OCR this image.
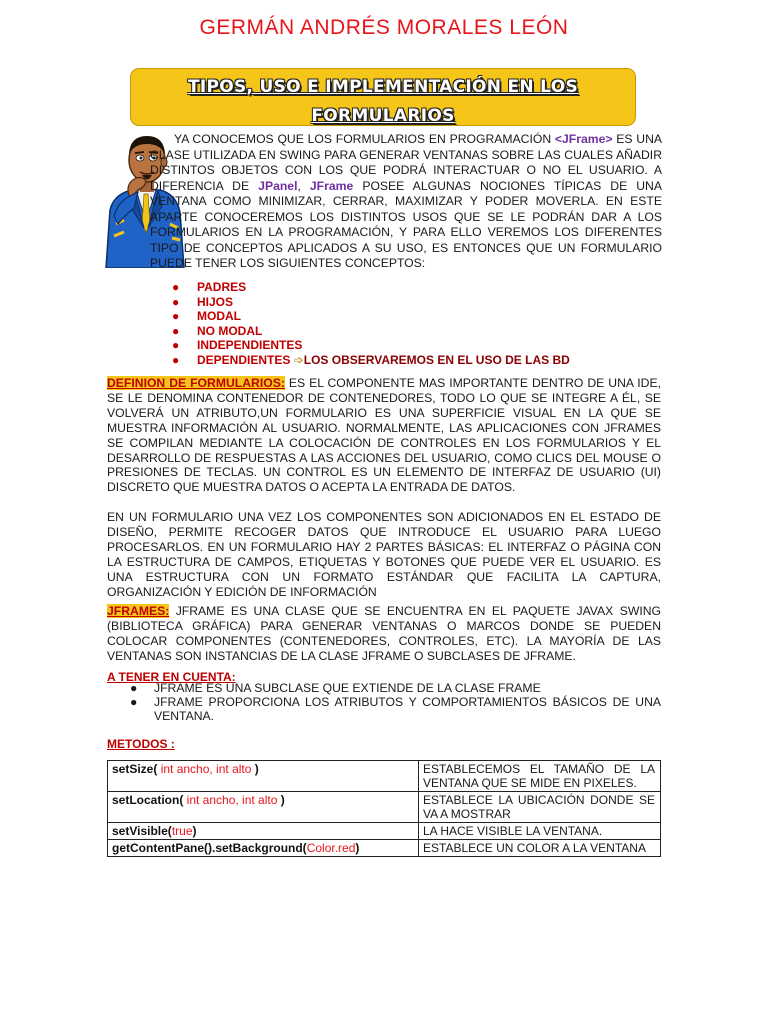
GERMÁN ANDRÉS MORALES LEÓN
TIPOS, USO E IMPLEMENTACIÓN EN LOS
FORMULARIOS

YA CONOCEMOS QUE LOS FORMULARIOS EN PROGRAMACIÓN <JFrame> ES UNA CLASE UTILIZADA EN SWING PARA GENERAR VENTANAS SOBRE LAS CUALES AÑADIR DISTINTOS OBJETOS CON LOS QUE PODRÁ INTERACTUAR O NO EL USUARIO. A DIFERENCIA DE JPanel, JFrame POSEE ALGUNAS NOCIONES TÍPICAS DE UNA VENTANA COMO MINIMIZAR, CERRAR, MAXIMIZAR Y PODER MOVERLA. EN ESTE APARTE CONOCEREMOS LOS DISTINTOS USOS QUE SE LE PODRÁN DAR A LOS FORMULARIOS EN LA PROGRAMACIÓN, Y PARA ELLO VEREMOS LOS DIFERENTES TIPO DE CONCEPTOS APLICADOS A SU USO, ES ENTONCES QUE UN FORMULARIO PUEDE TENER LOS SIGUIENTES CONCEPTOS:

● PADRES
● HIJOS
● MODAL
● NO MODAL
● INDEPENDIENTES
● DEPENDIENTES ➩LOS OBSERVAREMOS EN EL USO DE LAS BD

DEFINION DE FORMULARIOS: ES EL COMPONENTE MAS IMPORTANTE DENTRO DE UNA IDE, SE LE DENOMINA CONTENEDOR DE CONTENEDORES, TODO LO QUE SE INTEGRE A ÉL, SE VOLVERÁ UN ATRIBUTO,UN FORMULARIO ES UNA SUPERFICIE VISUAL EN LA QUE SE MUESTRA INFORMACIÓN AL USUARIO. NORMALMENTE, LAS APLICACIONES CON JFRAMES SE COMPILAN MEDIANTE LA COLOCACIÓN DE CONTROLES EN LOS FORMULARIOS Y EL DESARROLLO DE RESPUESTAS A LAS ACCIONES DEL USUARIO, COMO CLICS DEL MOUSE O PRESIONES DE TECLAS. UN CONTROL ES UN ELEMENTO DE INTERFAZ DE USUARIO (UI) DISCRETO QUE MUESTRA DATOS O ACEPTA LA ENTRADA DE DATOS.

EN UN FORMULARIO UNA VEZ LOS COMPONENTES SON ADICIONADOS EN EL ESTADO DE DISEÑO, PERMITE RECOGER DATOS QUE INTRODUCE EL USUARIO PARA LUEGO PROCESARLOS. EN UN FORMULARIO HAY 2 PARTES BÁSICAS: EL INTERFAZ O PÁGINA CON LA ESTRUCTURA DE CAMPOS, ETIQUETAS Y BOTONES QUE PUEDE VER EL USUARIO. ES UNA ESTRUCTURA CON UN FORMATO ESTÁNDAR QUE FACILITA LA CAPTURA, ORGANIZACIÓN Y EDICIÓN DE INFORMACIÓN

JFRAMES: JFRAME ES UNA CLASE QUE SE ENCUENTRA EN EL PAQUETE JAVAX SWING (BIBLIOTECA GRÁFICA) PARA GENERAR VENTANAS O MARCOS DONDE SE PUEDEN COLOCAR COMPONENTES (CONTENEDORES, CONTROLES, ETC). LA MAYORÍA DE LAS VENTANAS SON INSTANCIAS DE LA CLASE JFRAME O SUBCLASES DE JFRAME.

A TENER EN CUENTA:
● JFRAME ES UNA SUBCLASE QUE EXTIENDE DE LA CLASE FRAME
● JFRAME PROPORCIONA LOS ATRIBUTOS Y COMPORTAMIENTOS BÁSICOS DE UNA VENTANA.
METODOS :
setSize( int ancho, int alto )	ESTABLECEMOS EL TAMAÑO DE LA VENTANA QUE SE MIDE EN PIXELES.
setLocation( int ancho, int alto )	ESTABLECE LA UBICACIÓN DONDE SE VA A MOSTRAR
setVisible(true)	LA HACE VISIBLE LA VENTANA.
getContentPane().setBackground(Color.red)	ESTABLECE UN COLOR A LA VENTANA
